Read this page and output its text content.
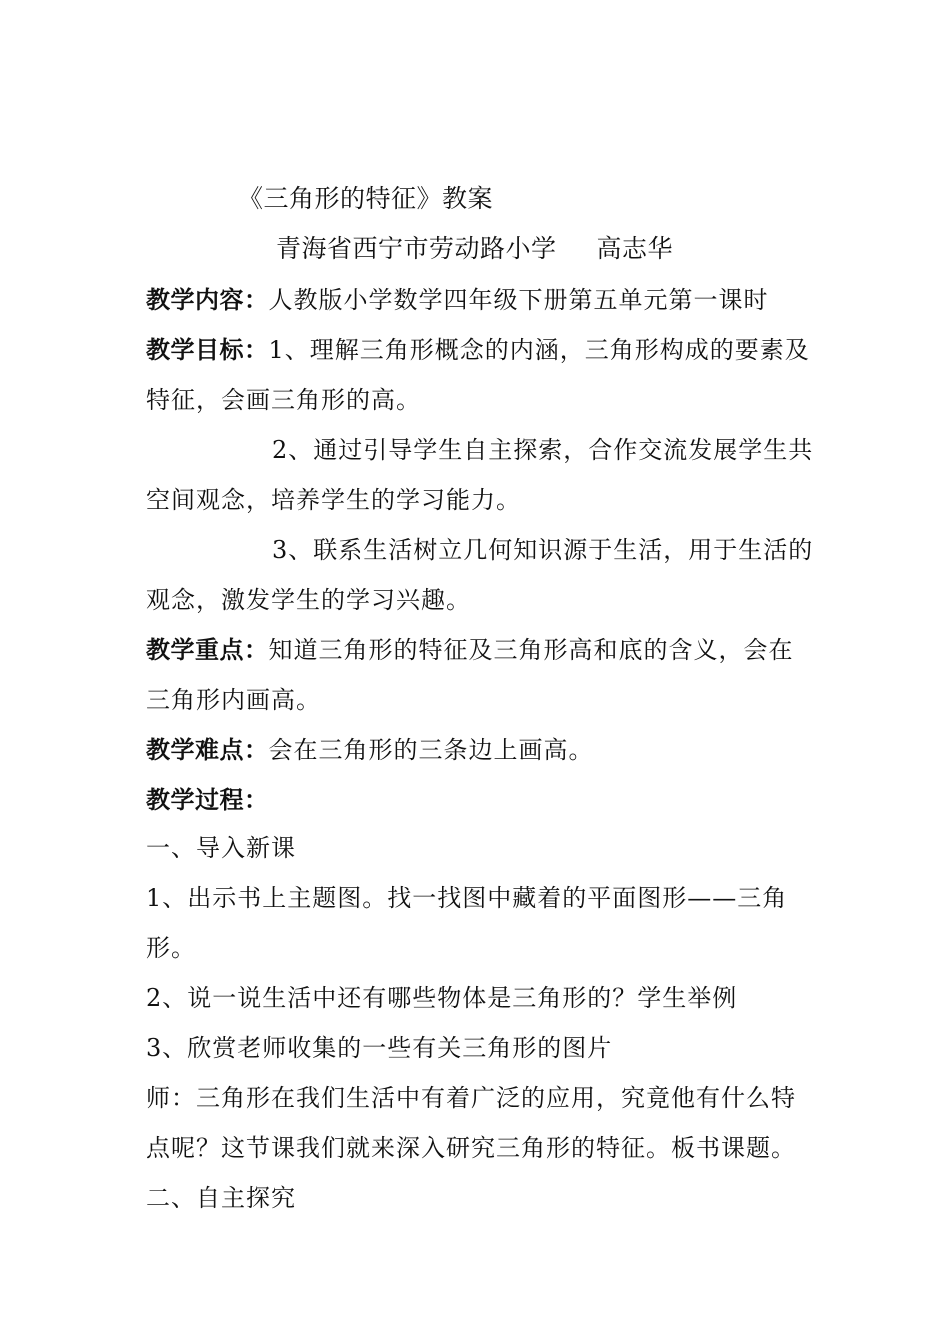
《三角形的特征》教案
青海省西宁市劳动路小学 高志华
教学内容：人教版小学数学四年级下册第五单元第一课时
教学目标：1、理解三角形概念的内涵，三角形构成的要素及
特征，会画三角形的高。
2、通过引导学生自主探索，合作交流发展学生共
空间观念，培养学生的学习能力。
3、联系生活树立几何知识源于生活，用于生活的
观念，激发学生的学习兴趣。
教学重点：知道三角形的特征及三角形高和底的含义，会在
三角形内画高。
教学难点：会在三角形的三条边上画高。
教学过程：
一、导入新课
1、出示书上主题图。找一找图中藏着的平面图形——三角
形。
2、说一说生活中还有哪些物体是三角形的？学生举例
3、欣赏老师收集的一些有关三角形的图片
师：三角形在我们生活中有着广泛的应用，究竟他有什么特
点呢？这节课我们就来深入研究三角形的特征。板书课题。
二、自主探究
